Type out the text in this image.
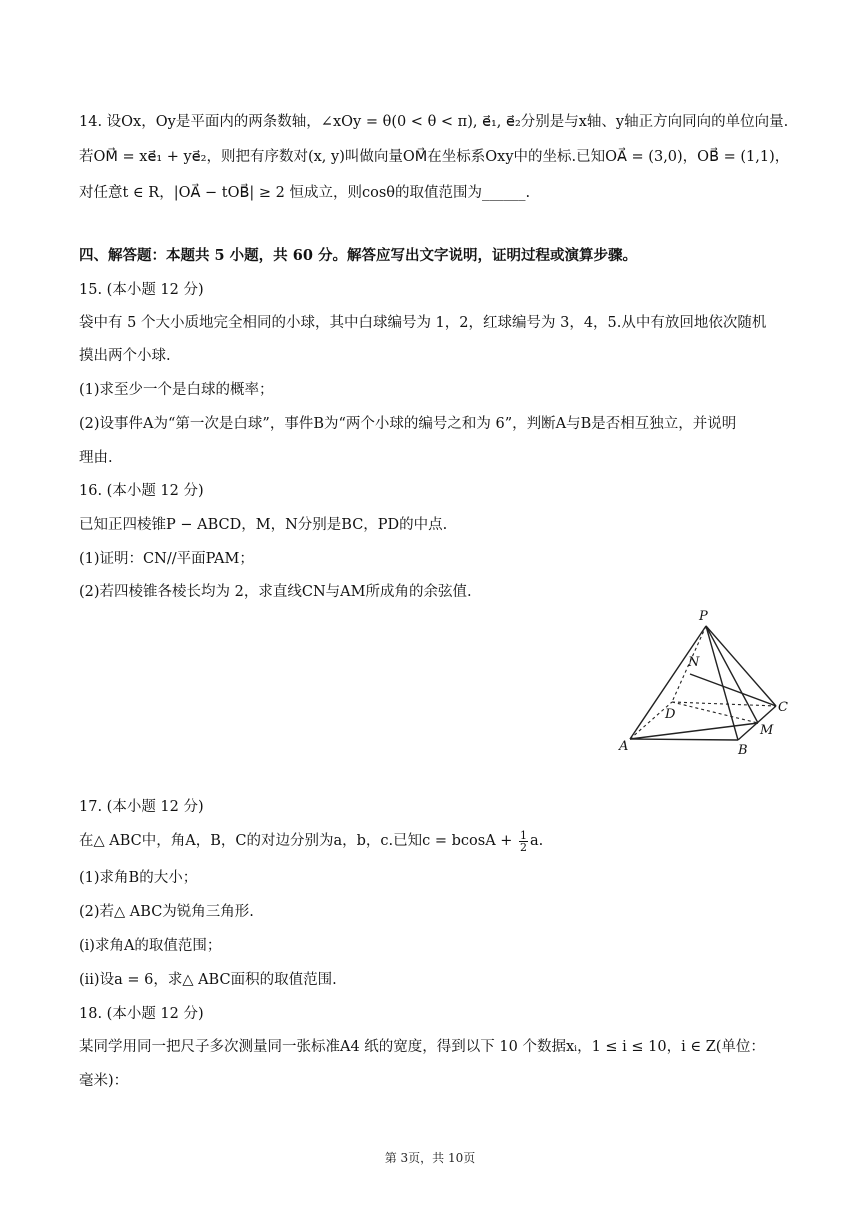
14. 设Ox，Oy是平面内的两条数轴，∠xOy = θ(0 < θ < π), e⃗₁, e⃗₂分别是与x轴、y轴正方向同向的单位向量.
若OM⃗ = xe⃗₁ + ye⃗₂，则把有序数对(x, y)叫做向量OM⃗在坐标系Oxy中的坐标.已知OA⃗ = (3,0)，OB⃗ = (1,1)，
对任意t ∈ R，|OA⃗ − tOB⃗| ≥ 2 恒成立，则cosθ的取值范围为______.
四、解答题：本题共 5 小题，共 60 分。解答应写出文字说明，证明过程或演算步骤。
15. (本小题 12 分)
袋中有 5 个大小质地完全相同的小球，其中白球编号为 1，2，红球编号为 3，4，5.从中有放回地依次随机
摸出两个小球.
(1)求至少一个是白球的概率；
(2)设事件A为“第一次是白球”，事件B为“两个小球的编号之和为 6”，判断A与B是否相互独立，并说明
理由.
16. (本小题 12 分)
已知正四棱锥P − ABCD，M，N分别是BC，PD的中点.
(1)证明：CN//平面PAM；
(2)若四棱锥各棱长均为 2，求直线CN与AM所成角的余弦值.
P
N
C
D
M
A	B
17. (本小题 12 分)
在△ ABC中，角A，B，C的对边分别为a，b，c.已知$c = bcosA + \frac{1}{2} a$.
(1)求角B的大小；
(2)若△ ABC为锐角三角形.
(i)求角A的取值范围；
(ii)设a = 6，求△ ABC面积的取值范围.
18. (本小题 12 分)
某同学用同一把尺子多次测量同一张标准A4 纸的宽度，得到以下 10 个数据xᵢ，1 ≤ i ≤ 10，i ∈ Z(单位：
毫米)：
第 3页，共 10页
